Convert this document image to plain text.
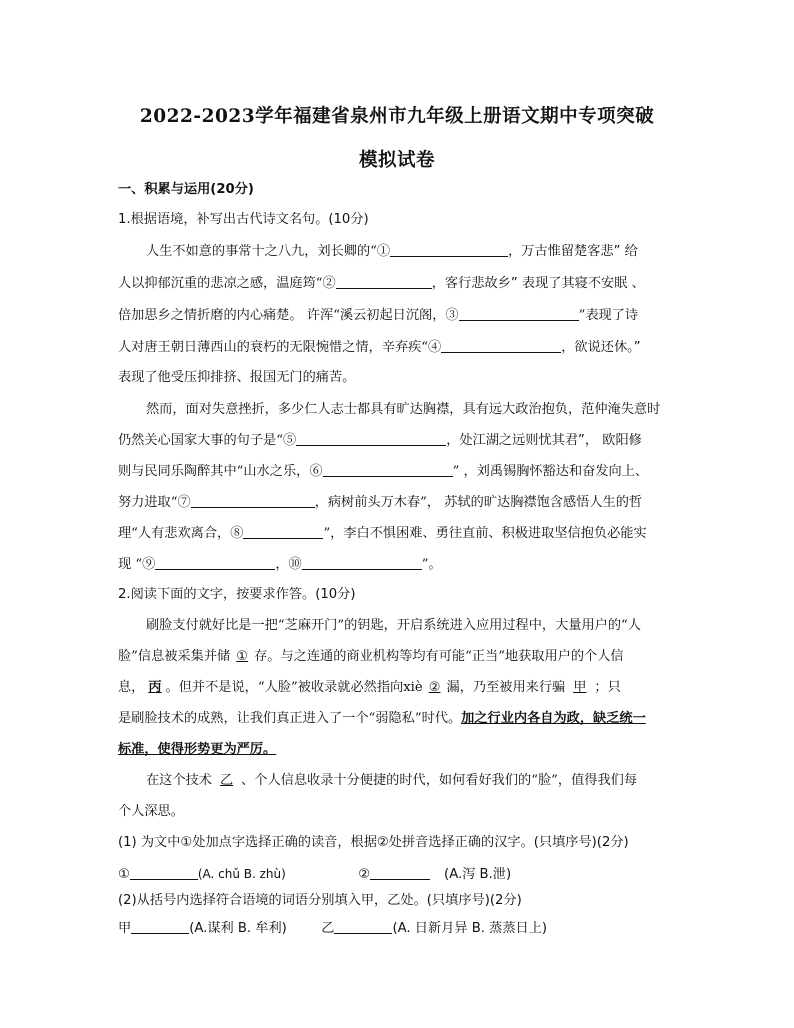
2022-2023学年福建省泉州市九年级上册语文期中专项突破
模拟试卷
一、积累与运用(20分)
1.根据语境，补写出古代诗文名句。(10分)
人生不如意的事常十之八九，刘长卿的“①	，万古惟留楚客悲” 给
人以抑郁沉重的悲凉之感，温庭筠“②	，客行悲故乡” 表现了其寝不安眠 、
倍加思乡之情折磨的内心痛楚。 许浑“溪云初起日沉阁，③	”表现了诗
人对唐王朝日薄西山的衰朽的无限惋惜之情，辛弃疾“④	，欲说还休。”
表现了他受压抑排挤、报国无门的痛苦。
然而，面对失意挫折，多少仁人志士都具有旷达胸襟，具有远大政治抱负，范仲淹失意时
仍然关心国家大事的句子是“⑤	，处江湖之远则忧其君”， 欧阳修
则与民同乐陶醉其中“山水之乐，⑥	” ，刘禹锡胸怀豁达和奋发向上、
努力进取“⑦	，病树前头万木春”， 苏轼的旷达胸襟饱含感悟人生的哲
理“人有悲欢离合，⑧	”，李白不惧困难、勇往直前、积极进取坚信抱负必能实
现 “⑨	，⑩	”。
2.阅读下面的文字，按要求作答。(10分)
刷脸支付就好比是一把“芝麻开门”的钥匙，开启系统进入应用过程中，大量用户的“人
脸”信息被采集并储 ① 存。与之连通的商业机构等均有可能“正当”地获取用户的个人信
息， 丙 。但并不是说，“人脸”被收录就必然指向xiè ② 漏，乃至被用来行骗 甲 ；只
是刷脸技术的成熟，让我们真正进入了一个“弱隐私”时代。加之行业内各自为政，缺乏统一
标准，使得形势更为严厉。
在这个技术 乙 、个人信息收录十分便捷的时代，如何看好我们的“脸”，值得我们每
个人深思。
(1) 为文中①处加点字选择正确的读音，根据②处拼音选择正确的汉字。(只填序号)(2分)
①	(A. chǔ B. zhù)	②	(A.泻 B.泄)
(2)从括号内选择符合语境的词语分别填入甲，乙处。(只填序号)(2分)
甲	(A.谋利 B. 牟利)	乙	(A. 日新月异 B. 蒸蒸日上)
